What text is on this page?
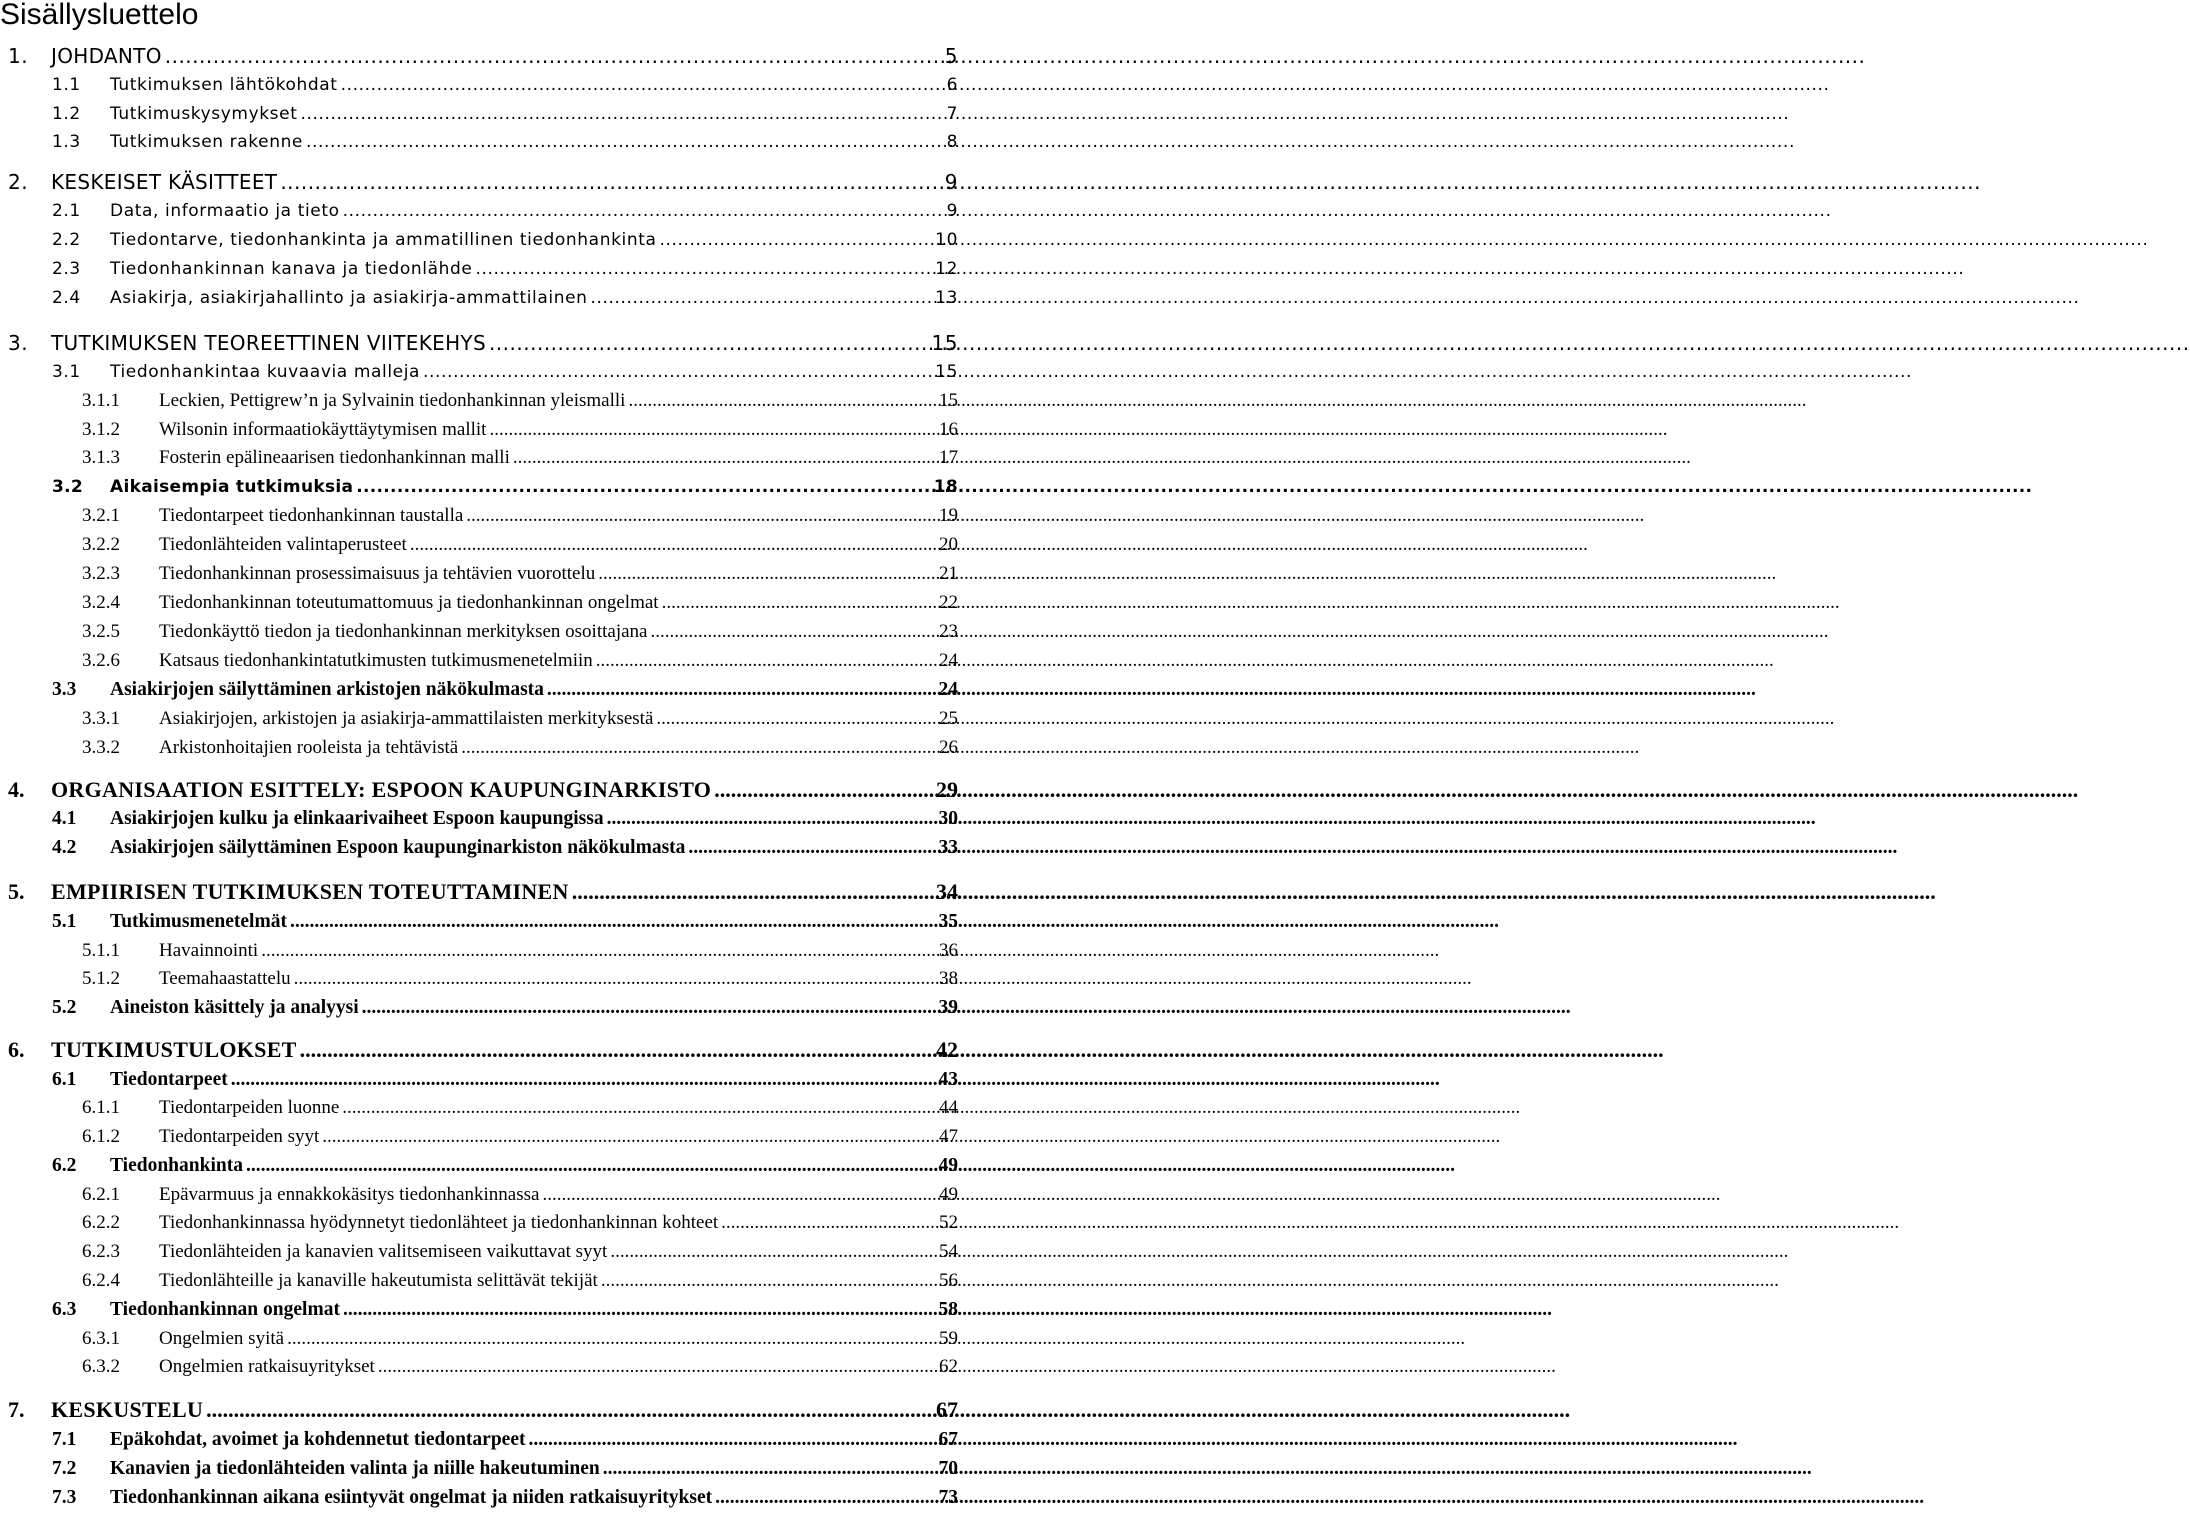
Sisällysluettelo
1.	JOHDANTO .....	5
1.1	Tutkimuksen lähtökohdat .....	6
1.2	Tutkimuskysymykset .....	7
1.3	Tutkimuksen rakenne .....	8
2.	KESKEISET KÄSITTEET .....	9
2.1	Data, informaatio ja tieto .....	9
2.2	Tiedontarve, tiedonhankinta ja ammatillinen tiedonhankinta .....	10
2.3	Tiedonhankinnan kanava ja tiedonlähde .....	12
2.4	Asiakirja, asiakirjahallinto ja asiakirja-ammattilainen .....	13
3.	TUTKIMUKSEN TEOREETTINEN VIITEKEHYS .....	15
3.1	Tiedonhankintaa kuvaavia malleja .....	15
3.1.1	Leckien, Pettigrew’n ja Sylvainin tiedonhankinnan yleismalli .....	15
3.1.2	Wilsonin informaatiokäyttäytymisen mallit .....	16
3.1.3	Fosterin epälineaarisen tiedonhankinnan malli .....	17
3.2	Aikaisempia tutkimuksia .....	18
3.2.1	Tiedontarpeet tiedonhankinnan taustalla .....	19
3.2.2	Tiedonlähteiden valintaperusteet .....	20
3.2.3	Tiedonhankinnan prosessimaisuus ja tehtävien vuorottelu .....	21
3.2.4	Tiedonhankinnan toteutumattomuus ja tiedonhankinnan ongelmat .....	22
3.2.5	Tiedonkäyttö tiedon ja tiedonhankinnan merkityksen osoittajana .....	23
3.2.6	Katsaus tiedonhankintatutkimusten tutkimusmenetelmiin .....	24
3.3	Asiakirjojen säilyttäminen arkistojen näkökulmasta .....	24
3.3.1	Asiakirjojen, arkistojen ja asiakirja-ammattilaisten merkityksestä .....	25
3.3.2	Arkistonhoitajien rooleista ja tehtävistä .....	26
4.	ORGANISAATION ESITTELY: ESPOON KAUPUNGINARKISTO .....	29
4.1	Asiakirjojen kulku ja elinkaarivaiheet Espoon kaupungissa .....	30
4.2	Asiakirjojen säilyttäminen Espoon kaupunginarkiston näkökulmasta .....	33
5.	EMPIIRISEN TUTKIMUKSEN TOTEUTTAMINEN .....	34
5.1	Tutkimusmenetelmät .....	35
5.1.1	Havainnointi .....	36
5.1.2	Teemahaastattelu .....	38
5.2	Aineiston käsittely ja analyysi .....	39
6.	TUTKIMUSTULOKSET .....	42
6.1	Tiedontarpeet .....	43
6.1.1	Tiedontarpeiden luonne .....	44
6.1.2	Tiedontarpeiden syyt .....	47
6.2	Tiedonhankinta .....	49
6.2.1	Epävarmuus ja ennakkokäsitys tiedonhankinnassa .....	49
6.2.2	Tiedonhankinnassa hyödynnetyt tiedonlähteet ja tiedonhankinnan kohteet .....	52
6.2.3	Tiedonlähteiden ja kanavien valitsemiseen vaikuttavat syyt .....	54
6.2.4	Tiedonlähteille ja kanaville hakeutumista selittävät tekijät .....	56
6.3	Tiedonhankinnan ongelmat .....	58
6.3.1	Ongelmien syitä .....	59
6.3.2	Ongelmien ratkaisuyritykset .....	62
7.	KESKUSTELU .....	67
7.1	Epäkohdat, avoimet ja kohdennetut tiedontarpeet .....	67
7.2	Kanavien ja tiedonlähteiden valinta ja niille hakeutuminen .....	70
7.3	Tiedonhankinnan aikana esiintyvät ongelmat ja niiden ratkaisuyritykset .....	73
